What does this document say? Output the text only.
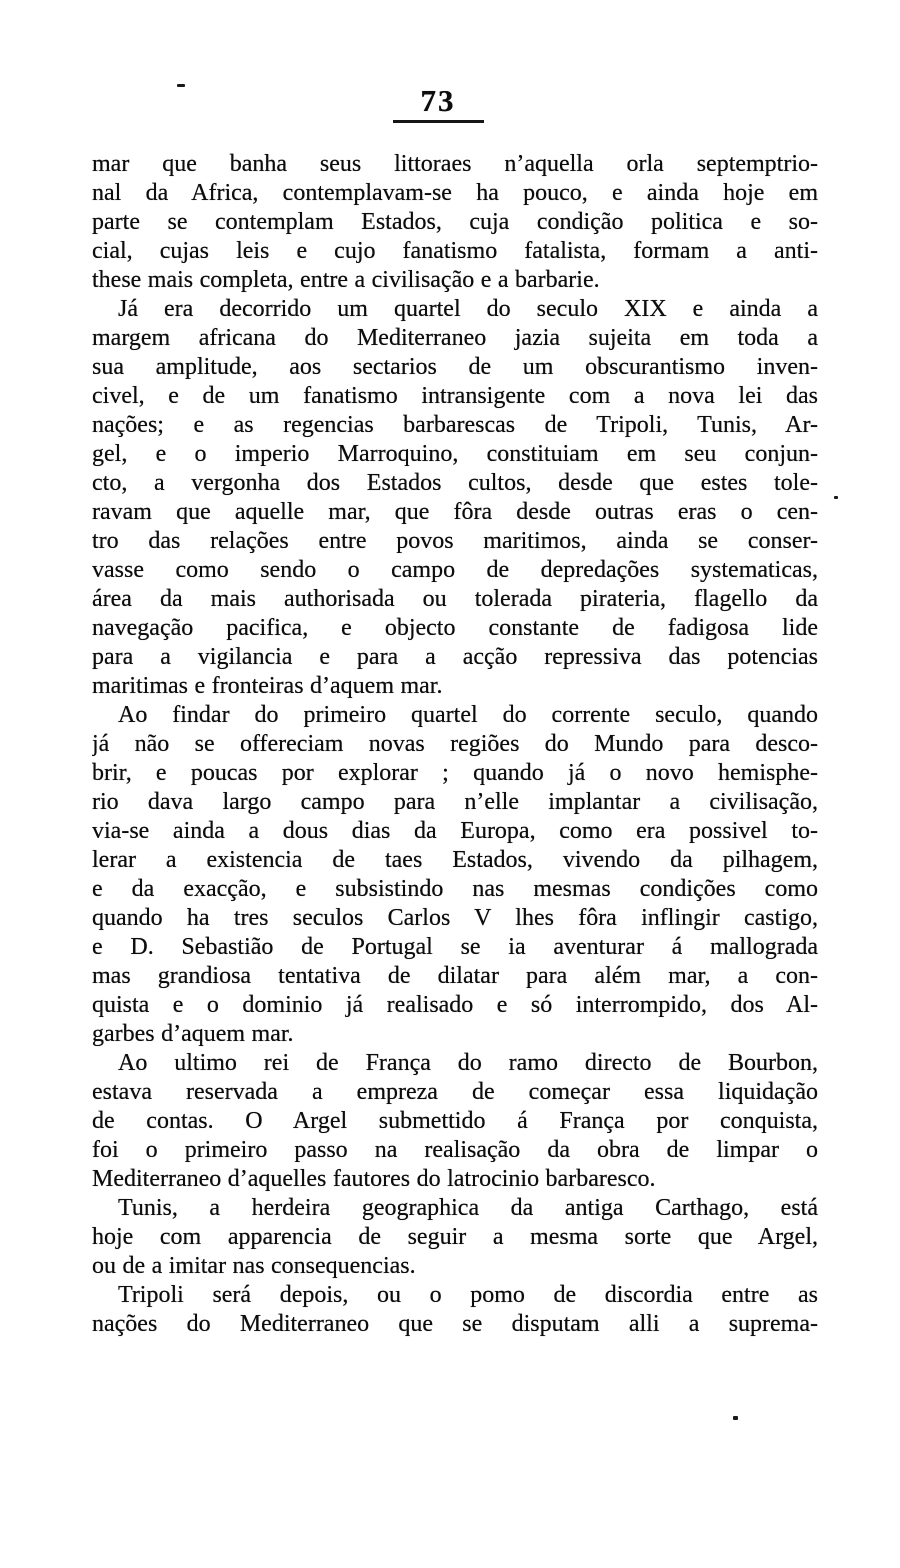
73
mar que banha seus littoraes n’aquella orla septemptrio-
nal da Africa, contemplavam-se ha pouco, e ainda hoje em
parte se contemplam Estados, cuja condição politica e so-
cial, cujas leis e cujo fanatismo fatalista, formam a anti-
these mais completa, entre a civilisação e a barbarie.
Já era decorrido um quartel do seculo XIX e ainda a
margem africana do Mediterraneo jazia sujeita em toda a
sua amplitude, aos sectarios de um obscurantismo inven-
civel, e de um fanatismo intransigente com a nova lei das
nações; e as regencias barbarescas de Tripoli, Tunis, Ar-
gel, e o imperio Marroquino, constituiam em seu conjun-
cto, a vergonha dos Estados cultos, desde que estes tole-
ravam que aquelle mar, que fôra desde outras eras o cen-
tro das relações entre povos maritimos, ainda se conser-
vasse como sendo o campo de depredações systematicas,
área da mais authorisada ou tolerada pirateria, flagello da
navegação pacifica, e objecto constante de fadigosa lide
para a vigilancia e para a acção repressiva das potencias
maritimas e fronteiras d’aquem mar.
Ao findar do primeiro quartel do corrente seculo, quando
já não se offereciam novas regiões do Mundo para desco-
brir, e poucas por explorar ; quando já o novo hemisphe-
rio dava largo campo para n’elle implantar a civilisação,
via-se ainda a dous dias da Europa, como era possivel to-
lerar a existencia de taes Estados, vivendo da pilhagem,
e da exacção, e subsistindo nas mesmas condições como
quando ha tres seculos Carlos V lhes fôra inflingir castigo,
e D. Sebastião de Portugal se ia aventurar á mallograda
mas grandiosa tentativa de dilatar para além mar, a con-
quista e o dominio já realisado e só interrompido, dos Al-
garbes d’aquem mar.
Ao ultimo rei de França do ramo directo de Bourbon,
estava reservada a empreza de começar essa liquidação
de contas. O Argel submettido á França por conquista,
foi o primeiro passo na realisação da obra de limpar o
Mediterraneo d’aquelles fautores do latrocinio barbaresco.
Tunis, a herdeira geographica da antiga Carthago, está
hoje com apparencia de seguir a mesma sorte que Argel,
ou de a imitar nas consequencias.
Tripoli será depois, ou o pomo de discordia entre as
nações do Mediterraneo que se disputam alli a suprema-
